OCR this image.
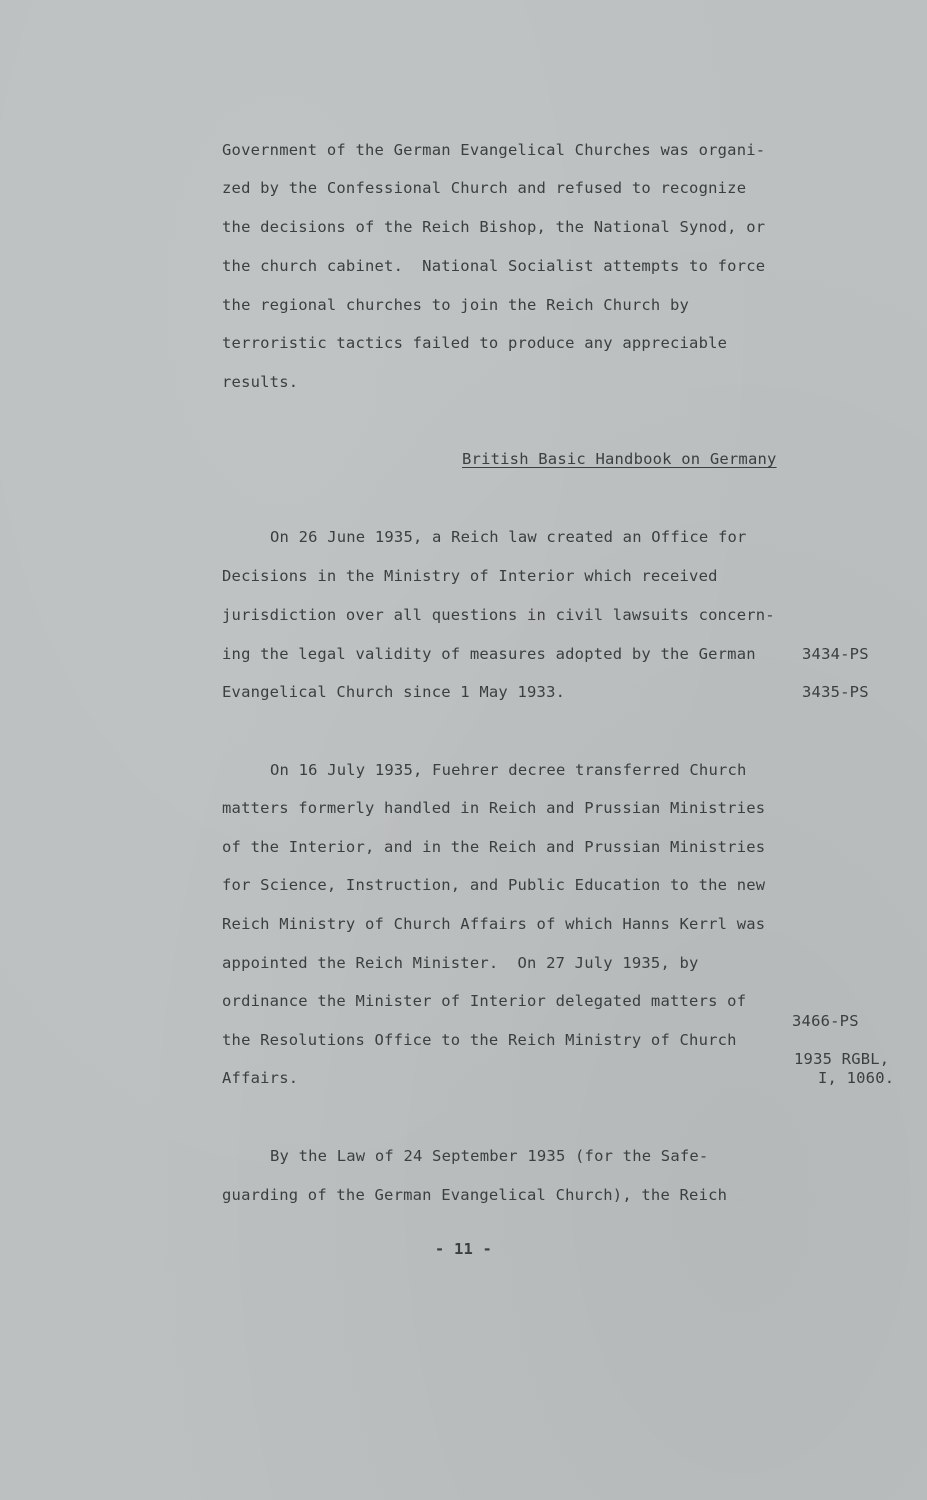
Government of the German Evangelical Churches was organi-
zed by the Confessional Church and refused to recognize
the decisions of the Reich Bishop, the National Synod, or
the church cabinet.  National Socialist attempts to force
the regional churches to join the Reich Church by
terroristic tactics failed to produce any appreciable
results.
British Basic Handbook on Germany
On 26 June 1935, a Reich law created an Office for
Decisions in the Ministry of Interior which received
jurisdiction over all questions in civil lawsuits concern-
ing the legal validity of measures adopted by the German
Evangelical Church since 1 May 1933.
On 16 July 1935, Fuehrer decree transferred Church
matters formerly handled in Reich and Prussian Ministries
of the Interior, and in the Reich and Prussian Ministries
for Science, Instruction, and Public Education to the new
Reich Ministry of Church Affairs of which Hanns Kerrl was
appointed the Reich Minister.  On 27 July 1935, by
ordinance the Minister of Interior delegated matters of
the Resolutions Office to the Reich Ministry of Church
Affairs.
By the Law of 24 September 1935 (for the Safe-
guarding of the German Evangelical Church), the Reich
3434-PS
3435-PS
3466-PS
1935 RGBL,
I, 1060.
- 11 -
